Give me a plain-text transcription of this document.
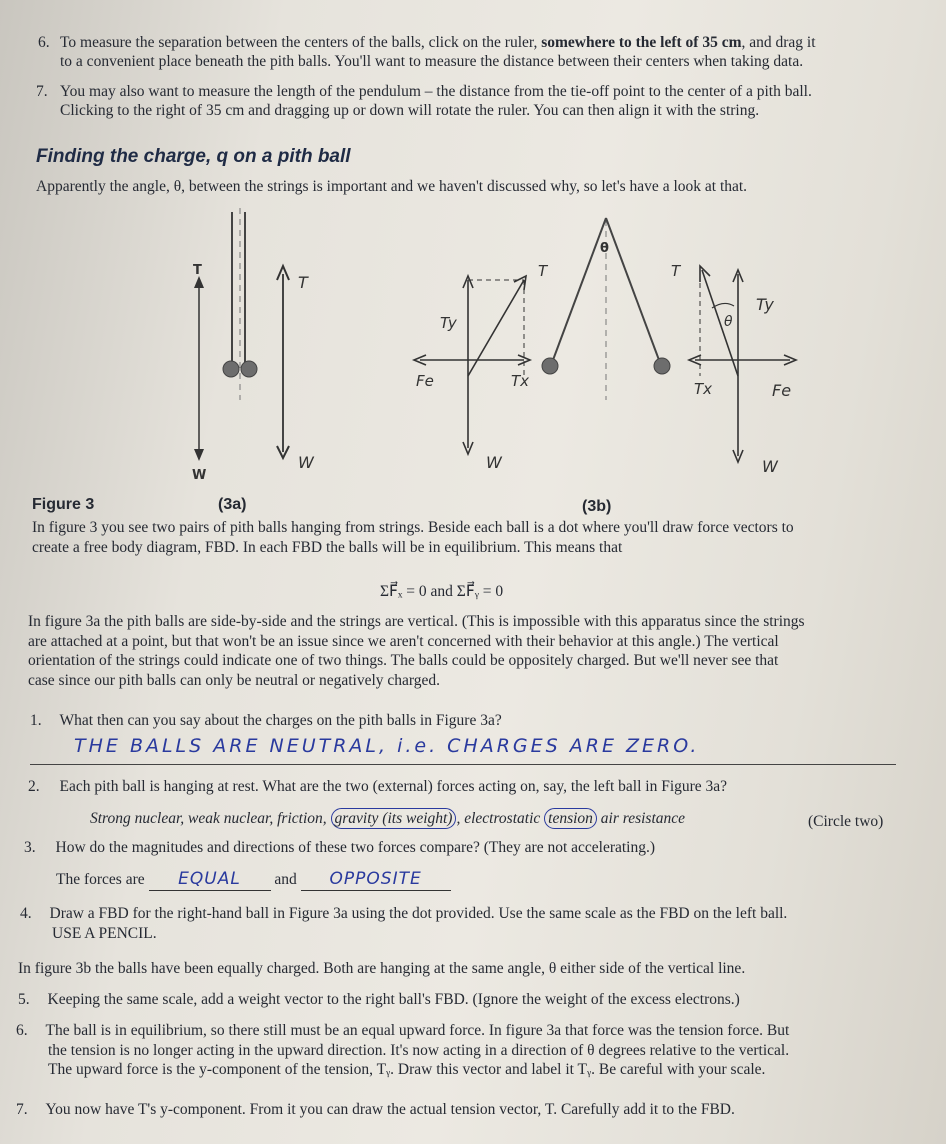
6. To measure the separation between the centers of the balls, click on the ruler, somewhere to the left of 35 cm, and drag it
to a convenient place beneath the pith balls. You'll want to measure the distance between their centers when taking data.
7. You may also want to measure the length of the pendulum – the distance from the tie-off point to the center of a pith ball.
Clicking to the right of 35 cm and dragging up or down will rotate the ruler. You can then align it with the string.
Finding the charge, q on a pith ball
Apparently the angle, θ, between the strings is important and we haven't discussed why, so let's have a look at that.
T
W
T
W
θ
T
Ty
Fe	Tx
W
T
θ
Ty
Tx	Fe
W
Figure 3	(3a)	(3b)
In figure 3 you see two pairs of pith balls hanging from strings. Beside each ball is a dot where you'll draw force vectors to
create a free body diagram, FBD. In each FBD the balls will be in equilibrium. This means that
ΣF⃗ₓ = 0 and ΣF⃗ᵧ = 0
In figure 3a the pith balls are side-by-side and the strings are vertical. (This is impossible with this apparatus since the strings
are attached at a point, but that won't be an issue since we aren't concerned with their behavior at this angle.) The vertical
orientation of the strings could indicate one of two things. The balls could be oppositely charged. But we'll never see that
case since our pith balls can only be neutral or negatively charged.
1. What then can you say about the charges on the pith balls in Figure 3a?
THE BALLS ARE NEUTRAL, i.e. CHARGES ARE ZERO.
2. Each pith ball is hanging at rest. What are the two (external) forces acting on, say, the left ball in Figure 3a?
Strong nuclear, weak nuclear, friction, gravity (its weight) , electrostatic tension air resistance	(Circle two)
3. How do the magnitudes and directions of these two forces compare? (They are not accelerating.)
The forces are EQUAL and OPPOSITE
4. Draw a FBD for the right-hand ball in Figure 3a using the dot provided. Use the same scale as the FBD on the left ball.
USE A PENCIL.
In figure 3b the balls have been equally charged. Both are hanging at the same angle, θ either side of the vertical line.
5. Keeping the same scale, add a weight vector to the right ball's FBD. (Ignore the weight of the excess electrons.)
6. The ball is in equilibrium, so there still must be an equal upward force. In figure 3a that force was the tension force. But
the tension is no longer acting in the upward direction. It's now acting in a direction of θ degrees relative to the vertical.
The upward force is the y-component of the tension, Tᵧ. Draw this vector and label it Tᵧ. Be careful with your scale.
7. You now have T's y-component. From it you can draw the actual tension vector, T. Carefully add it to the FBD.
